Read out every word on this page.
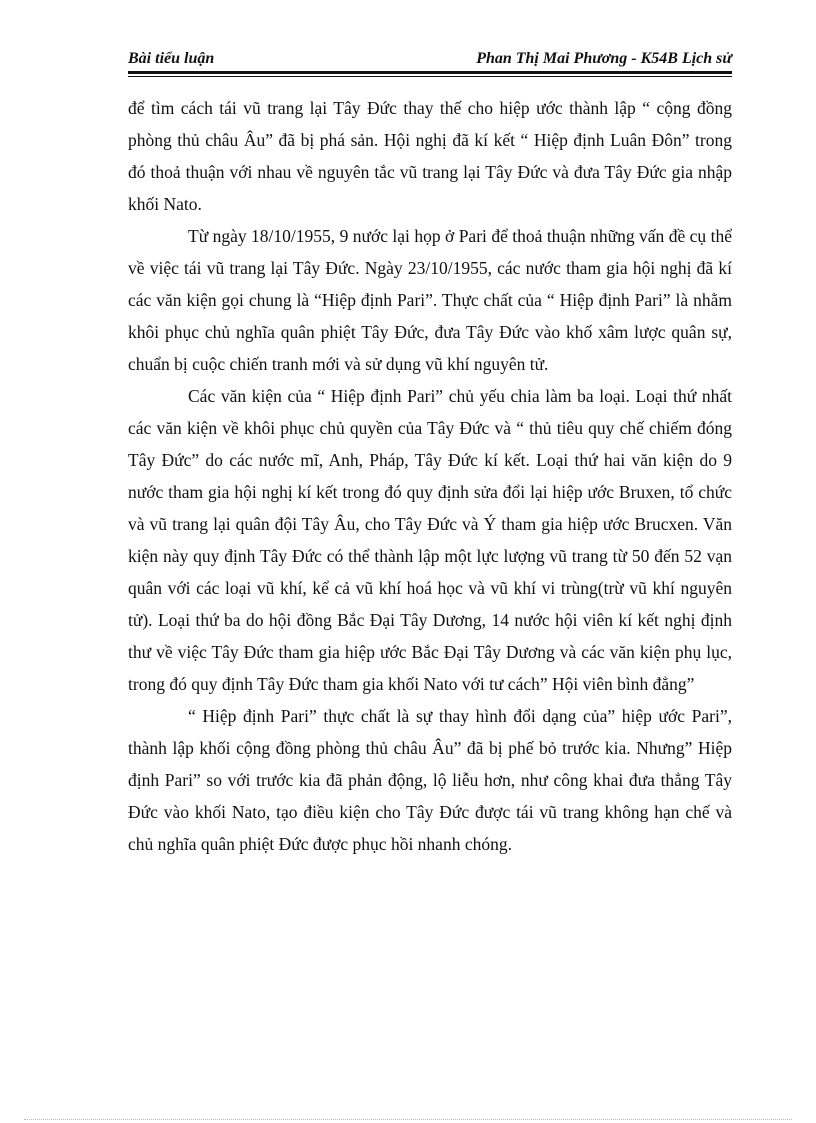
Bài tiểu luận	Phan Thị Mai Phương - K54B Lịch sử

để tìm cách tái vũ trang lại Tây Đức thay thế cho hiệp ước thành lập “ cộng đồng phòng thủ châu Âu” đã bị phá sản. Hội nghị đã kí kết “ Hiệp định Luân Đôn” trong đó thoả thuận với nhau về nguyên tắc vũ trang lại Tây Đức và đưa Tây Đức gia nhập khối Nato.

Từ ngày 18/10/1955, 9 nước lại họp ở Pari để thoả thuận những vấn đề cụ thể về việc tái vũ trang lại Tây Đức. Ngày 23/10/1955, các nước tham gia hội nghị đã kí các văn kiện gọi chung là “Hiệp định Pari”. Thực chất của “ Hiệp định Pari” là nhằm khôi phục chủ nghĩa quân phiệt Tây Đức, đưa Tây Đức vào khố xâm lược quân sự, chuẩn bị cuộc chiến tranh mới và sử dụng vũ khí nguyên tử.

Các văn kiện của “ Hiệp định Pari” chủ yếu chia làm ba loại. Loại thứ nhất các văn kiện về khôi phục chủ quyền của Tây Đức và “ thủ tiêu quy chế chiếm đóng Tây Đức” do các nước mĩ, Anh, Pháp, Tây Đức kí kết. Loại thứ hai văn kiện do 9 nước tham gia hội nghị kí kết trong đó quy định sửa đổi lại hiệp ước Bruxen, tổ chức và vũ trang lại quân đội Tây Âu, cho Tây Đức và Ý tham gia hiệp ước Brucxen. Văn kiện này quy định Tây Đức có thể thành lập một lực lượng vũ trang từ 50 đến 52 vạn quân với các loại vũ khí, kể cả vũ khí hoá học và vũ khí vi trùng(trừ vũ khí nguyên tử). Loại thứ ba do hội đồng Bắc Đại Tây Dương, 14 nước hội viên kí kết nghị định thư về việc Tây Đức tham gia hiệp ước Bắc Đại Tây Dương và các văn kiện phụ lục, trong đó quy định Tây Đức tham gia khối Nato với tư cách” Hội viên bình đẳng”

“ Hiệp định Pari” thực chất là sự thay hình đổi dạng của” hiệp ước Pari”, thành lập khối cộng đồng phòng thủ châu Âu” đã bị phế bỏ trước kia. Nhưng” Hiệp định Pari” so với trước kia đã phản động, lộ liễu hơn, như công khai đưa thẳng Tây Đức vào khối Nato, tạo điều kiện cho Tây Đức được tái vũ trang không hạn chế và chủ nghĩa quân phiệt Đức được phục hồi nhanh chóng.
